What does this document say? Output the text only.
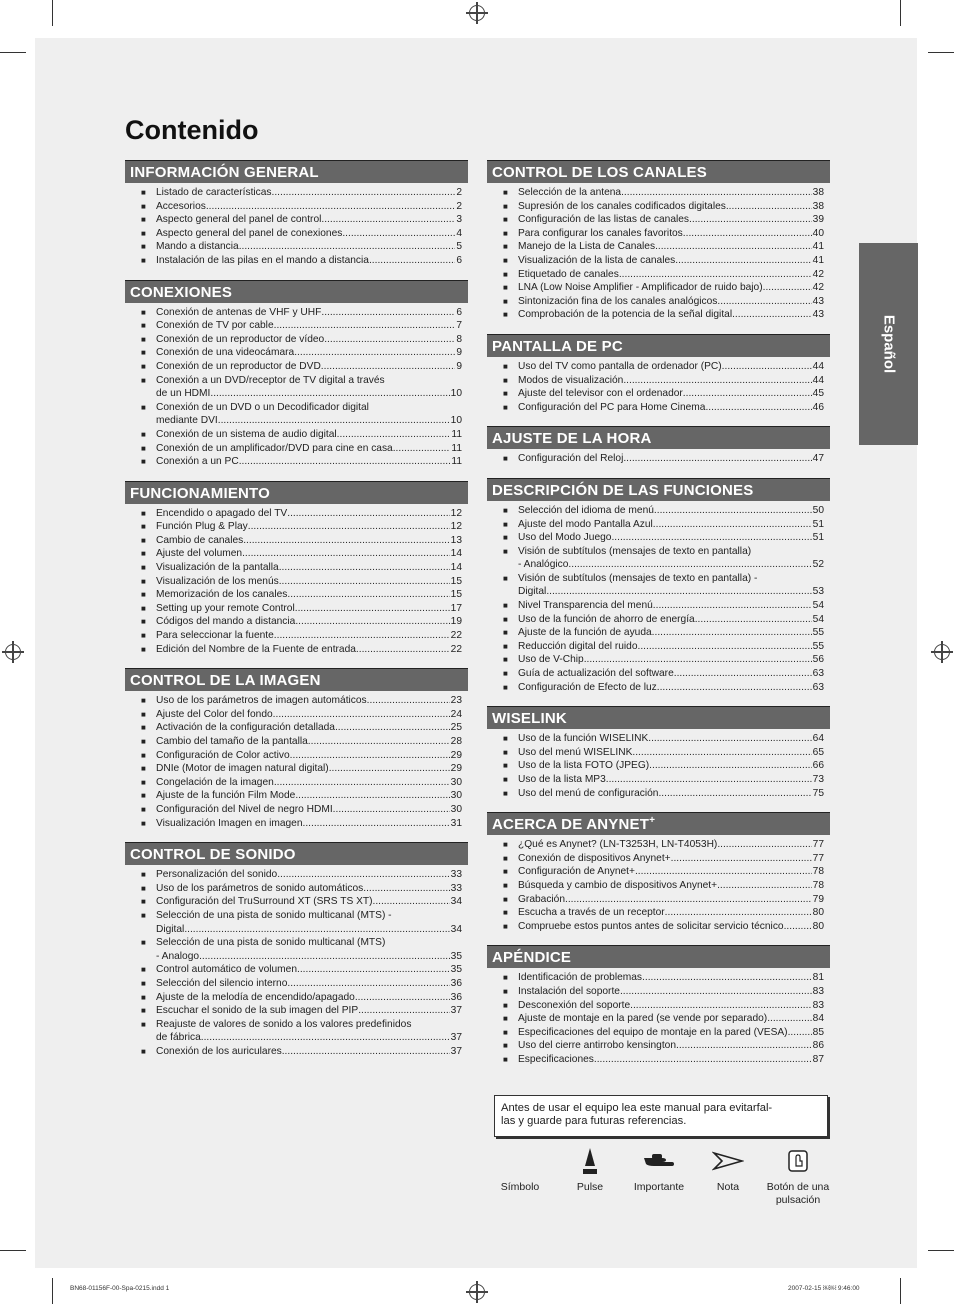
Contenido
INFORMACIÓN GENERAL
■ Listado de características .....	2
■ Accesorios .....	2
■ Aspecto general del panel de control .....	3
■ Aspecto general del panel de conexiones .....	4
■ Mando a distancia .....	5
■ Instalación de las pilas en el mando a distancia .....	6
CONEXIONES
■ Conexión de antenas de VHF y UHF .....	6
■ Conexión de TV por cable .....	7
■ Conexión de un reproductor de vídeo .....	8
■ Conexión de una videocámara .....	9
■ Conexión de un reproductor de DVD .....	9
■ Conexión a un DVD/receptor de TV digital a través
de un HDMI .....	10
■ Conexión de un DVD o un Decodificador digital
mediante DVI .....	10
■ Conexión de un sistema de audio digital .....	11
■ Conexión de un amplificador/DVD para cine en casa .....	11
■ Conexión a un PC .....	11
FUNCIONAMIENTO
■ Encendido o apagado del TV .....	12
■ Función Plug & Play .....	12
■ Cambio de canales .....	13
■ Ajuste del volumen .....	14
■ Visualización de la pantalla .....	14
■ Visualización de los menús .....	15
■ Memorización de los canales .....	15
■ Setting up your remote Control .....	17
■ Códigos del mando a distancia .....	19
■ Para seleccionar la fuente .....	22
■ Edición del Nombre de la Fuente de entrada .....	22
CONTROL DE LA IMAGEN
■ Uso de los parámetros de imagen automáticos .....	23
■ Ajuste del Color del fondo .....	24
■ Activación de la configuración detallada .....	25
■ Cambio del tamaño de la pantalla .....	28
■ Configuración de Color activo .....	29
■ DNIe (Motor de imagen natural digital) .....	29
■ Congelación de la imagen .....	30
■ Ajuste de la función Film Mode .....	30
■ Configuración del Nivel de negro HDMI .....	30
■ Visualización Imagen en imagen .....	31
CONTROL DE SONIDO
■ Personalización del sonido .....	33
■ Uso de los parámetros de sonido automáticos .....	33
■ Configuración del TruSurround XT (SRS TS XT) .....	34
■ Selección de una pista de sonido multicanal (MTS) -
Digital .....	34
■ Selección de una pista de sonido multicanal (MTS)
- Analogo .....	35
■ Control automático de volumen .....	35
■ Selección del silencio interno .....	36
■ Ajuste de la melodía de encendido/apagado .....	36
■ Escuchar el sonido de la sub imagen del PIP .....	37
■ Reajuste de valores de sonido a los valores predefinidos
de fábrica .....	37
■ Conexión de los auriculares .....	37
CONTROL DE LOS CANALES
■ Selección de la antena .....	38
■ Supresión de los canales codificados digitales .....	38
■ Configuración de las listas de canales .....	39
■ Para configurar los canales favoritos .....	40
■ Manejo de la Lista de Canales .....	41
■ Visualización de la lista de canales .....	41
■ Etiquetado de canales .....	42
■ LNA (Low Noise Amplifier - Amplificador de ruido bajo) .....	42
■ Sintonización fina de los canales analógicos .....	43
■ Comprobación de la potencia de la señal digital .....	43
PANTALLA DE PC
■ Uso del TV como pantalla de ordenador (PC) .....	44
■ Modos de visualización .....	44
■ Ajuste del televisor con el ordenador .....	45
■ Configuración del PC para Home Cinema .....	46
AJUSTE DE LA HORA
■ Configuración del Reloj .....	47
DESCRIPCIÓN DE LAS FUNCIONES
■ Selección del idioma de menú .....	50
■ Ajuste del modo Pantalla Azul .....	51
■ Uso del Modo Juego .....	51
■ Visión de subtítulos (mensajes de texto en pantalla)
- Analógico .....	52
■ Visión de subtítulos (mensajes de texto en pantalla) -
Digital .....	53
■ Nivel Transparencia del menú .....	54
■ Uso de la función de ahorro de energía .....	54
■ Ajuste de la función de ayuda .....	55
■ Reducción digital del ruido .....	55
■ Uso de V-Chip .....	56
■ Guía de actualización del software .....	63
■ Configuración de Efecto de luz .....	63
WISELINK
■ Uso de la función WISELINK .....	64
■ Uso del menú WISELINK .....	65
■ Uso de la lista FOTO (JPEG) .....	66
■ Uso de la lista MP3 .....	73
■ Uso del menú de configuración .....	75
ACERCA DE ANYNET+
■ ¿Qué es Anynet? (LN-T3253H, LN-T4053H) .....	77
■ Conexión de dispositivos Anynet+ .....	77
■ Configuración de Anynet+ .....	78
■ Búsqueda y cambio de dispositivos Anynet+ .....	78
■ Grabación .....	79
■ Escucha a través de un receptor .....	80
■ Compruebe estos puntos antes de solicitar servicio técnico .....	80
APÉNDICE
■ Identificación de problemas .....	81
■ Instalación del soporte .....	83
■ Desconexión del soporte .....	83
■ Ajuste de montaje en la pared (se vende por separado) .....	84
■ Especificaciones del equipo de montaje en la pared (VESA) ..... 85
■ Uso del cierre antirrobo kensington .....	86
■ Especificaciones .....	87
Español
Antes de usar el equipo lea este manual para evitarfal-
las y guarde para futuras referencias.
Símbolo	Pulse	Importante	Nota	Botón de una pulsación
BN68-01156F-00-Spa-0215.indd 1	2007-02-15 ￼￼ 9:46:00
